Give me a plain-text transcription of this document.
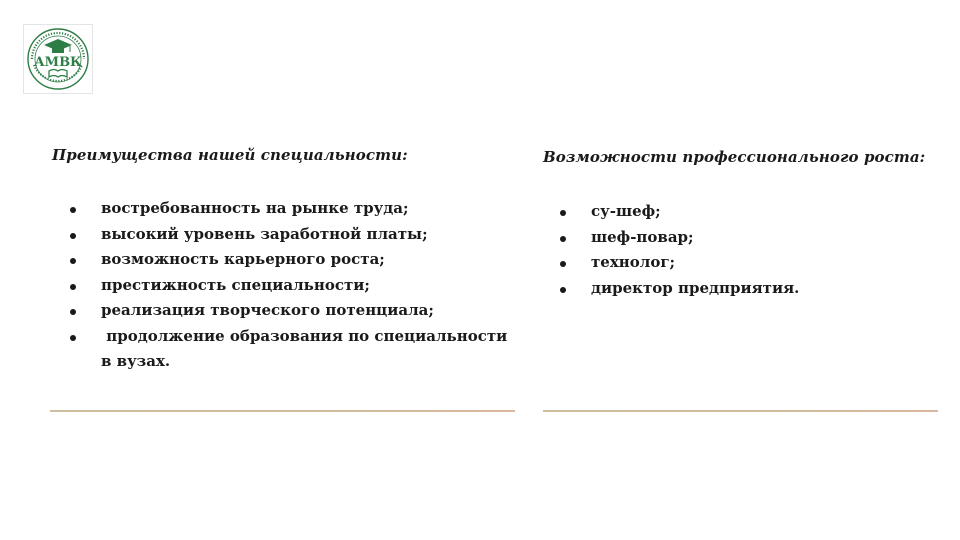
АМВК
Преимущества нашей специальности:
востребованность на рынке труда;
высокий уровень заработной платы;
возможность карьерного роста;
престижность специальности;
реализация творческого потенциала;
продолжение образования по специальности в вузах.
Возможности профессионального роста:
су-шеф;
шеф-повар;
технолог;
директор предприятия.
